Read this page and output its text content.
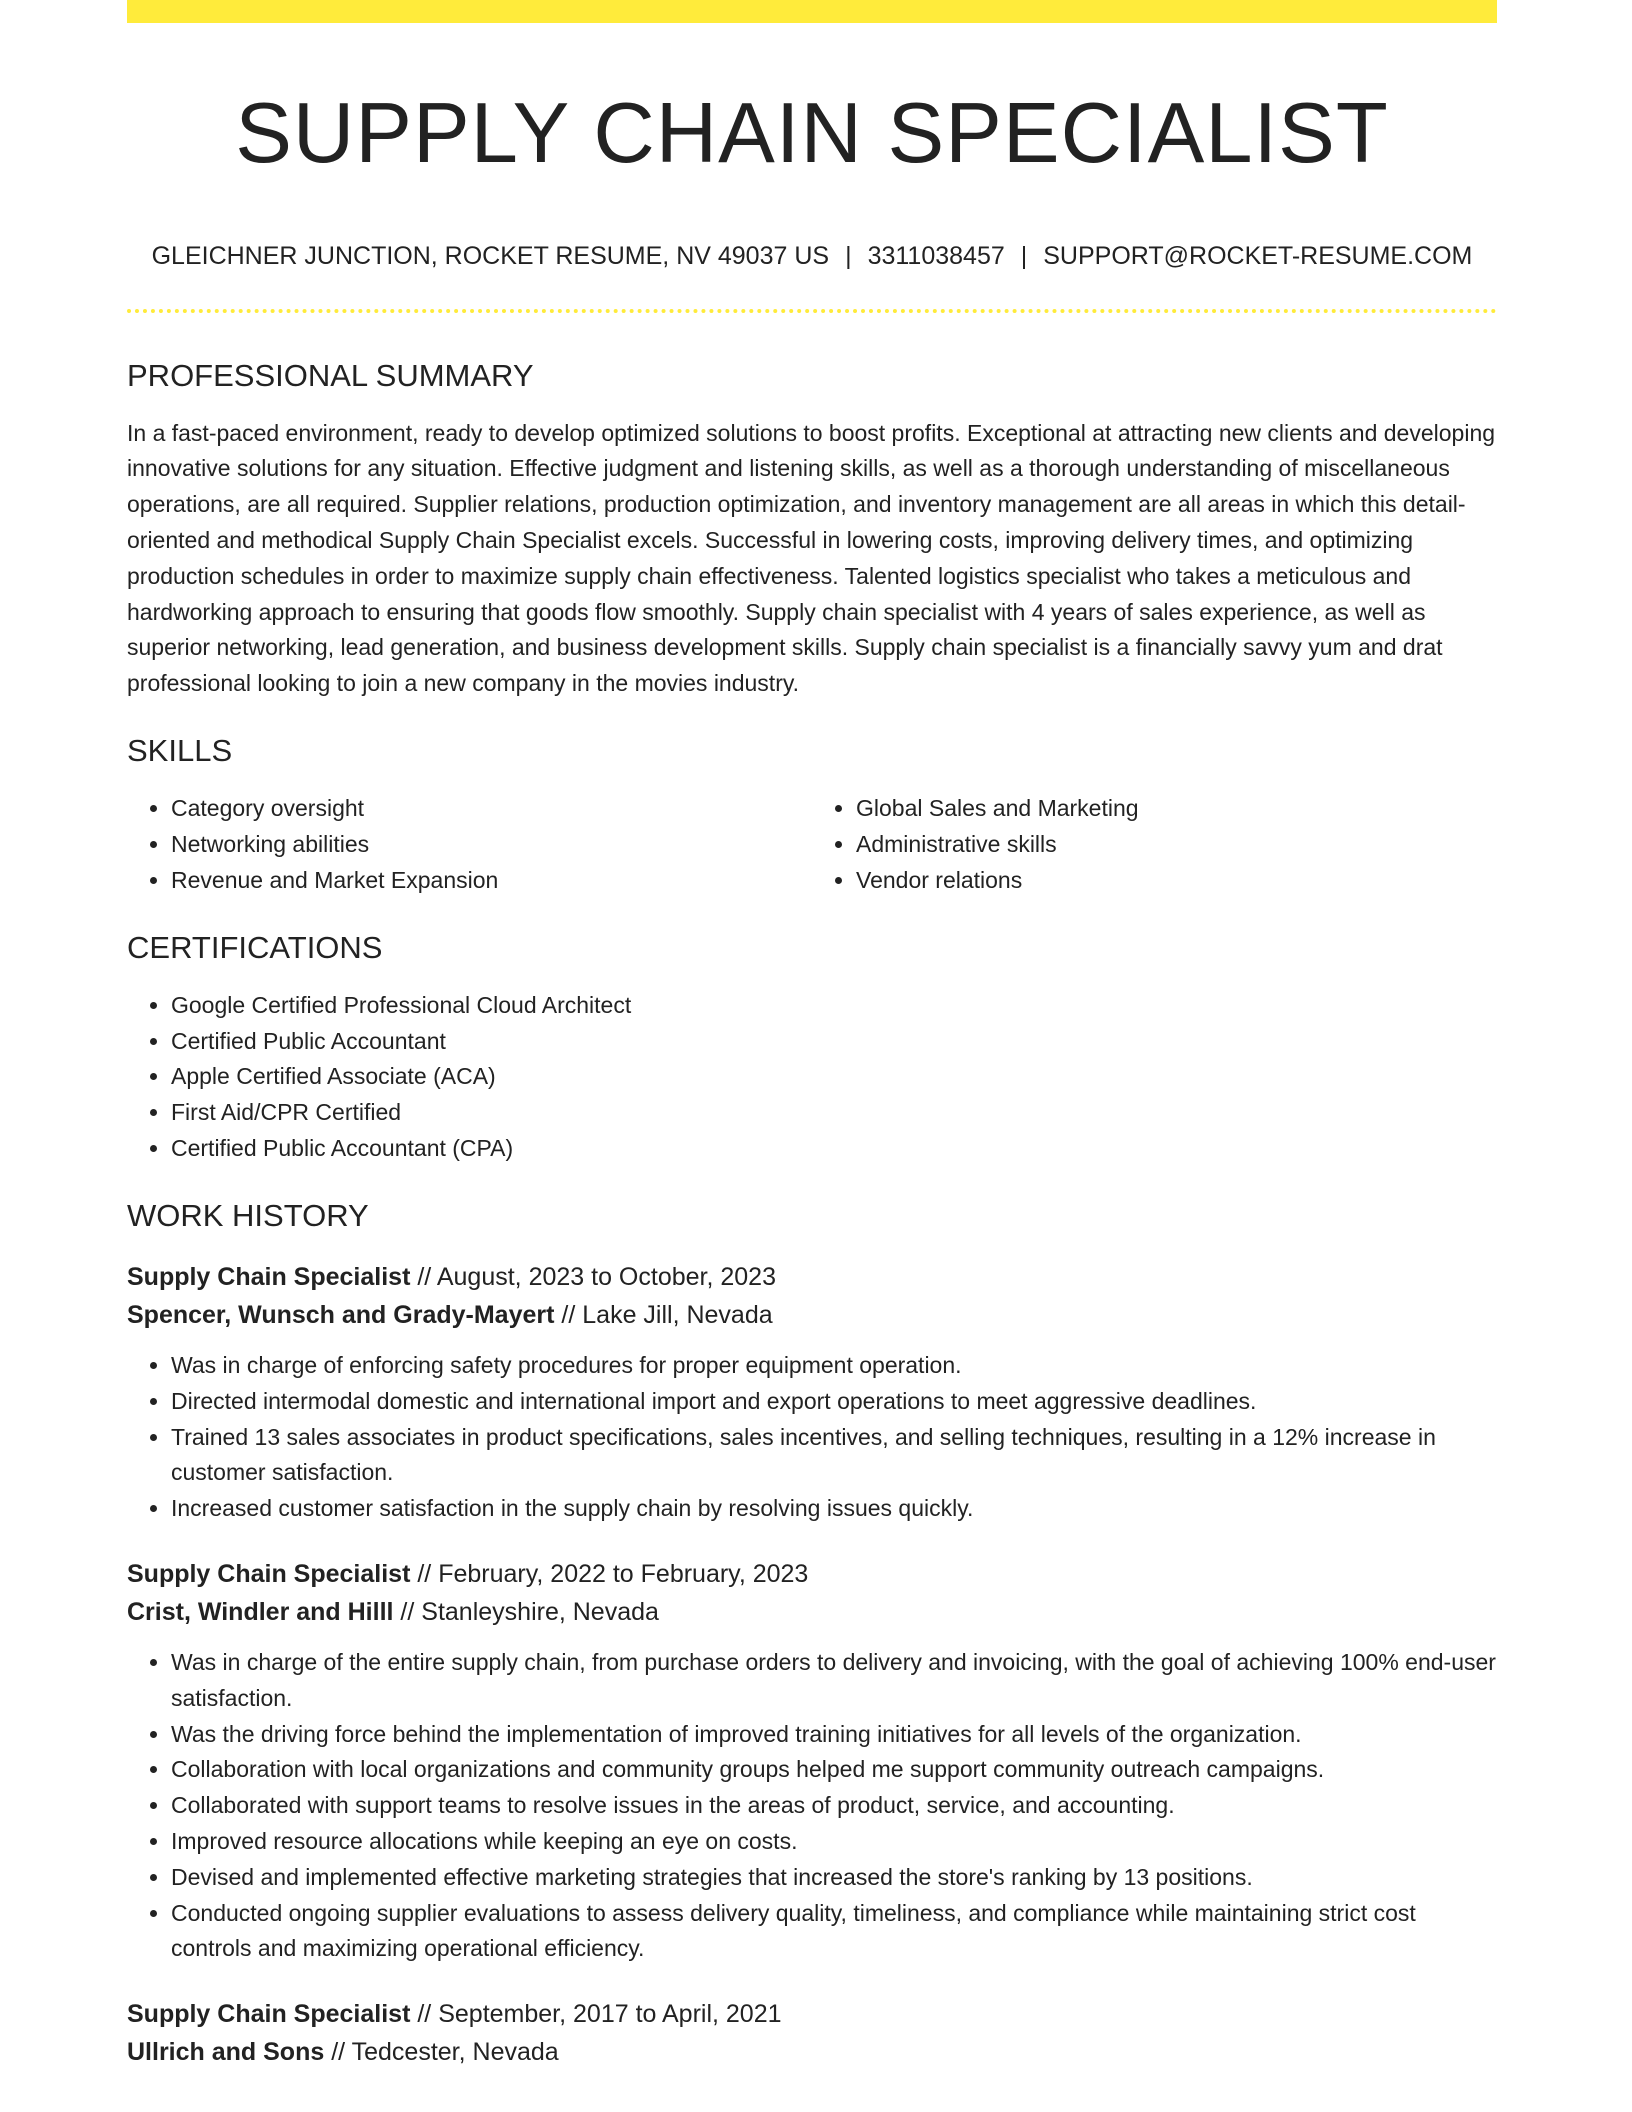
SUPPLY CHAIN SPECIALIST
GLEICHNER JUNCTION, ROCKET RESUME, NV 49037 US | 3311038457 | SUPPORT@ROCKET-RESUME.COM
PROFESSIONAL SUMMARY

In a fast-paced environment, ready to develop optimized solutions to boost profits. Exceptional at attracting new clients and developing innovative solutions for any situation. Effective judgment and listening skills, as well as a thorough understanding of miscellaneous operations, are all required. Supplier relations, production optimization, and inventory management are all areas in which this detail-oriented and methodical Supply Chain Specialist excels. Successful in lowering costs, improving delivery times, and optimizing production schedules in order to maximize supply chain effectiveness. Talented logistics specialist who takes a meticulous and hardworking approach to ensuring that goods flow smoothly. Supply chain specialist with 4 years of sales experience, as well as superior networking, lead generation, and business development skills. Supply chain specialist is a financially savvy yum and drat professional looking to join a new company in the movies industry.

SKILLS
• Category oversight
• Networking abilities
• Revenue and Market Expansion
• Global Sales and Marketing
• Administrative skills
• Vendor relations
CERTIFICATIONS
• Google Certified Professional Cloud Architect
• Certified Public Accountant
• Apple Certified Associate (ACA)
• First Aid/CPR Certified
• Certified Public Accountant (CPA)
WORK HISTORY
Supply Chain Specialist // August, 2023 to October, 2023
Spencer, Wunsch and Grady-Mayert // Lake Jill, Nevada
• Was in charge of enforcing safety procedures for proper equipment operation.
• Directed intermodal domestic and international import and export operations to meet aggressive deadlines.
• Trained 13 sales associates in product specifications, sales incentives, and selling techniques, resulting in a 12% increase in customer satisfaction.
• Increased customer satisfaction in the supply chain by resolving issues quickly.
Supply Chain Specialist // February, 2022 to February, 2023
Crist, Windler and Hilll // Stanleyshire, Nevada
• Was in charge of the entire supply chain, from purchase orders to delivery and invoicing, with the goal of achieving 100% end-user satisfaction.
• Was the driving force behind the implementation of improved training initiatives for all levels of the organization.
• Collaboration with local organizations and community groups helped me support community outreach campaigns.
• Collaborated with support teams to resolve issues in the areas of product, service, and accounting.
• Improved resource allocations while keeping an eye on costs.
• Devised and implemented effective marketing strategies that increased the store's ranking by 13 positions.
• Conducted ongoing supplier evaluations to assess delivery quality, timeliness, and compliance while maintaining strict cost controls and maximizing operational efficiency.
Supply Chain Specialist // September, 2017 to April, 2021
Ullrich and Sons // Tedcester, Nevada
